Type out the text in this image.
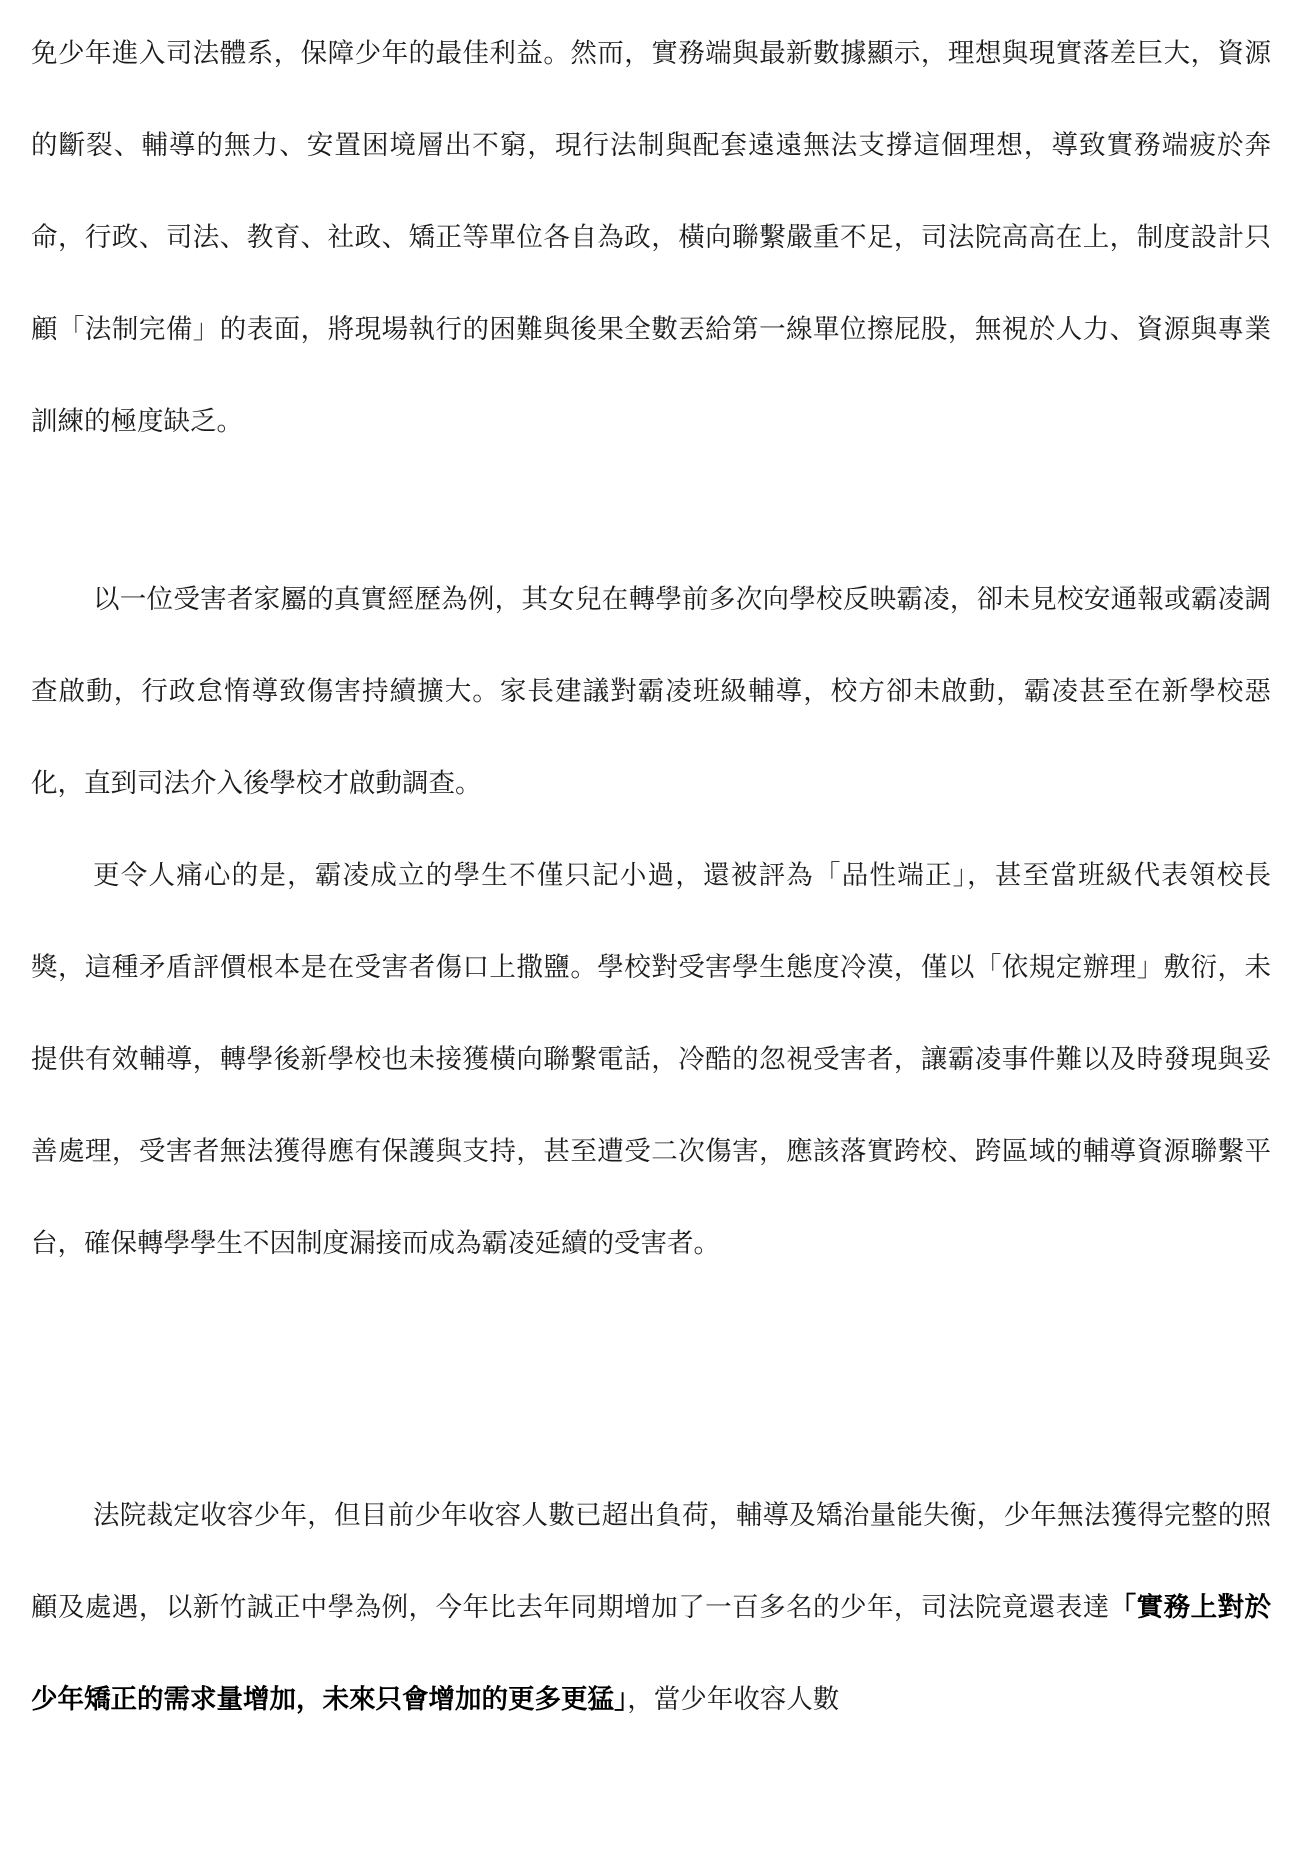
免少年進入司法體系，保障少年的最佳利益。然而，實務端與最新數據顯示，理想與現實落差巨大，資源的斷裂、輔導的無力、安置困境層出不窮，現行法制與配套遠遠無法支撐這個理想，導致實務端疲於奔命，行政、司法、教育、社政、矯正等單位各自為政，橫向聯繫嚴重不足，司法院高高在上，制度設計只顧「法制完備」的表面，將現場執行的困難與後果全數丟給第一線單位擦屁股，無視於人力、資源與專業訓練的極度缺乏。

以一位受害者家屬的真實經歷為例，其女兒在轉學前多次向學校反映霸凌，卻未見校安通報或霸凌調查啟動，行政怠惰導致傷害持續擴大。家長建議對霸凌班級輔導，校方卻未啟動，霸凌甚至在新學校惡化，直到司法介入後學校才啟動調查。

更令人痛心的是，霸凌成立的學生不僅只記小過，還被評為「品性端正」，甚至當班級代表領校長獎，這種矛盾評價根本是在受害者傷口上撒鹽。學校對受害學生態度冷漠，僅以「依規定辦理」敷衍，未提供有效輔導，轉學後新學校也未接獲橫向聯繫電話，冷酷的忽視受害者，讓霸凌事件難以及時發現與妥善處理，受害者無法獲得應有保護與支持，甚至遭受二次傷害，應該落實跨校、跨區域的輔導資源聯繫平台，確保轉學學生不因制度漏接而成為霸凌延續的受害者。

法院裁定收容少年，但目前少年收容人數已超出負荷，輔導及矯治量能失衡，少年無法獲得完整的照顧及處遇，以新竹誠正中學為例，今年比去年同期增加了一百多名的少年，司法院竟還表達「實務上對於少年矯正的需求量增加，未來只會增加的更多更猛」，當少年收容人數
